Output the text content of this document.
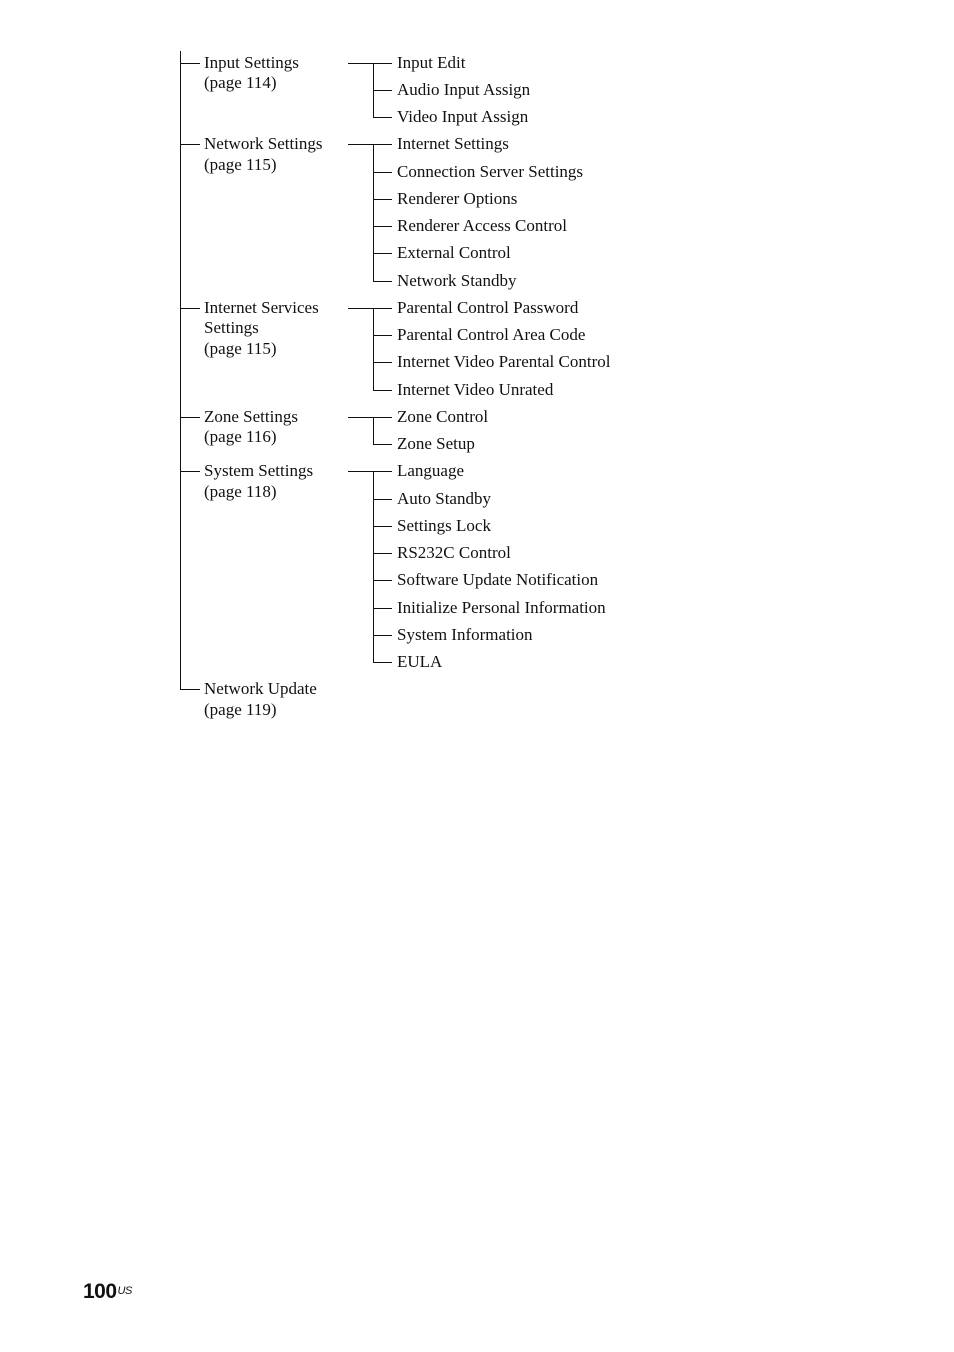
Input Settings
(page 114)
Input Edit
Audio Input Assign
Video Input Assign
Network Settings
(page 115)
Internet Settings
Connection Server Settings
Renderer Options
Renderer Access Control
External Control
Network Standby
Internet Services
Settings
(page 115)
Parental Control Password
Parental Control Area Code
Internet Video Parental Control
Internet Video Unrated
Zone Settings
(page 116)
Zone Control
Zone Setup
System Settings
(page 118)
Language
Auto Standby
Settings Lock
RS232C Control
Software Update Notification
Initialize Personal Information
System Information
EULA
Network Update
(page 119)
$100^{US}$
